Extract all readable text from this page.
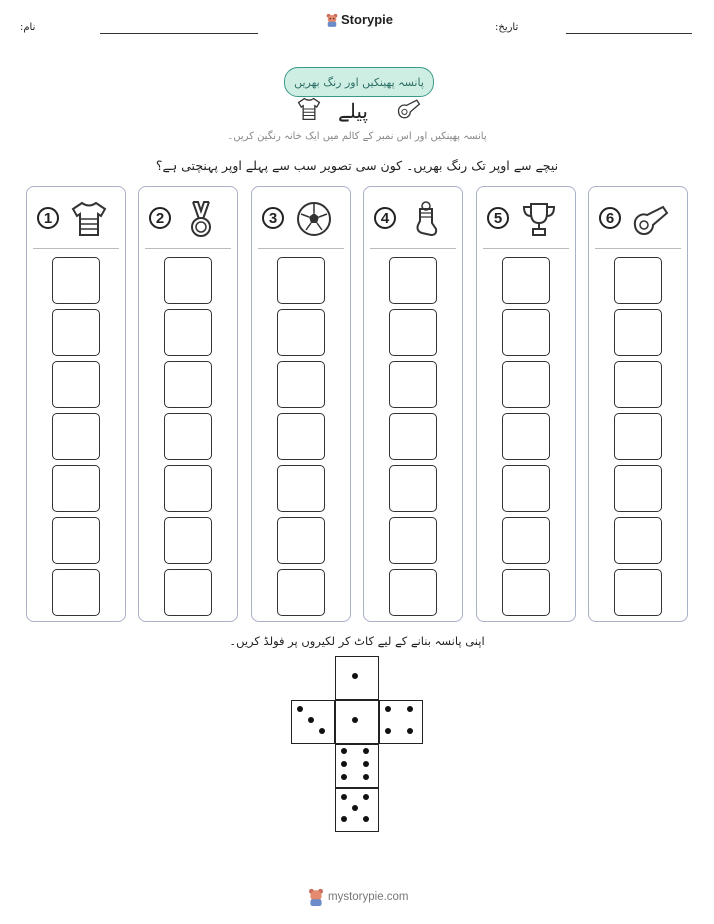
نام:
Storypie
تاریخ:
پانسہ پھینکیں اور رنگ بھریں
پیلے
پانسہ پھینکیں اور اس نمبر کے کالم میں ایک خانہ رنگین کریں۔
نیچے سے اوپر تک رنگ بھریں۔ کون سی تصویر سب سے پہلے اوپر پہنچتی ہے؟
1	2	3	4	5	6
اپنی پانسہ بنانے کے لیے کاٹ کر لکیروں پر فولڈ کریں۔
mystorypie.com
